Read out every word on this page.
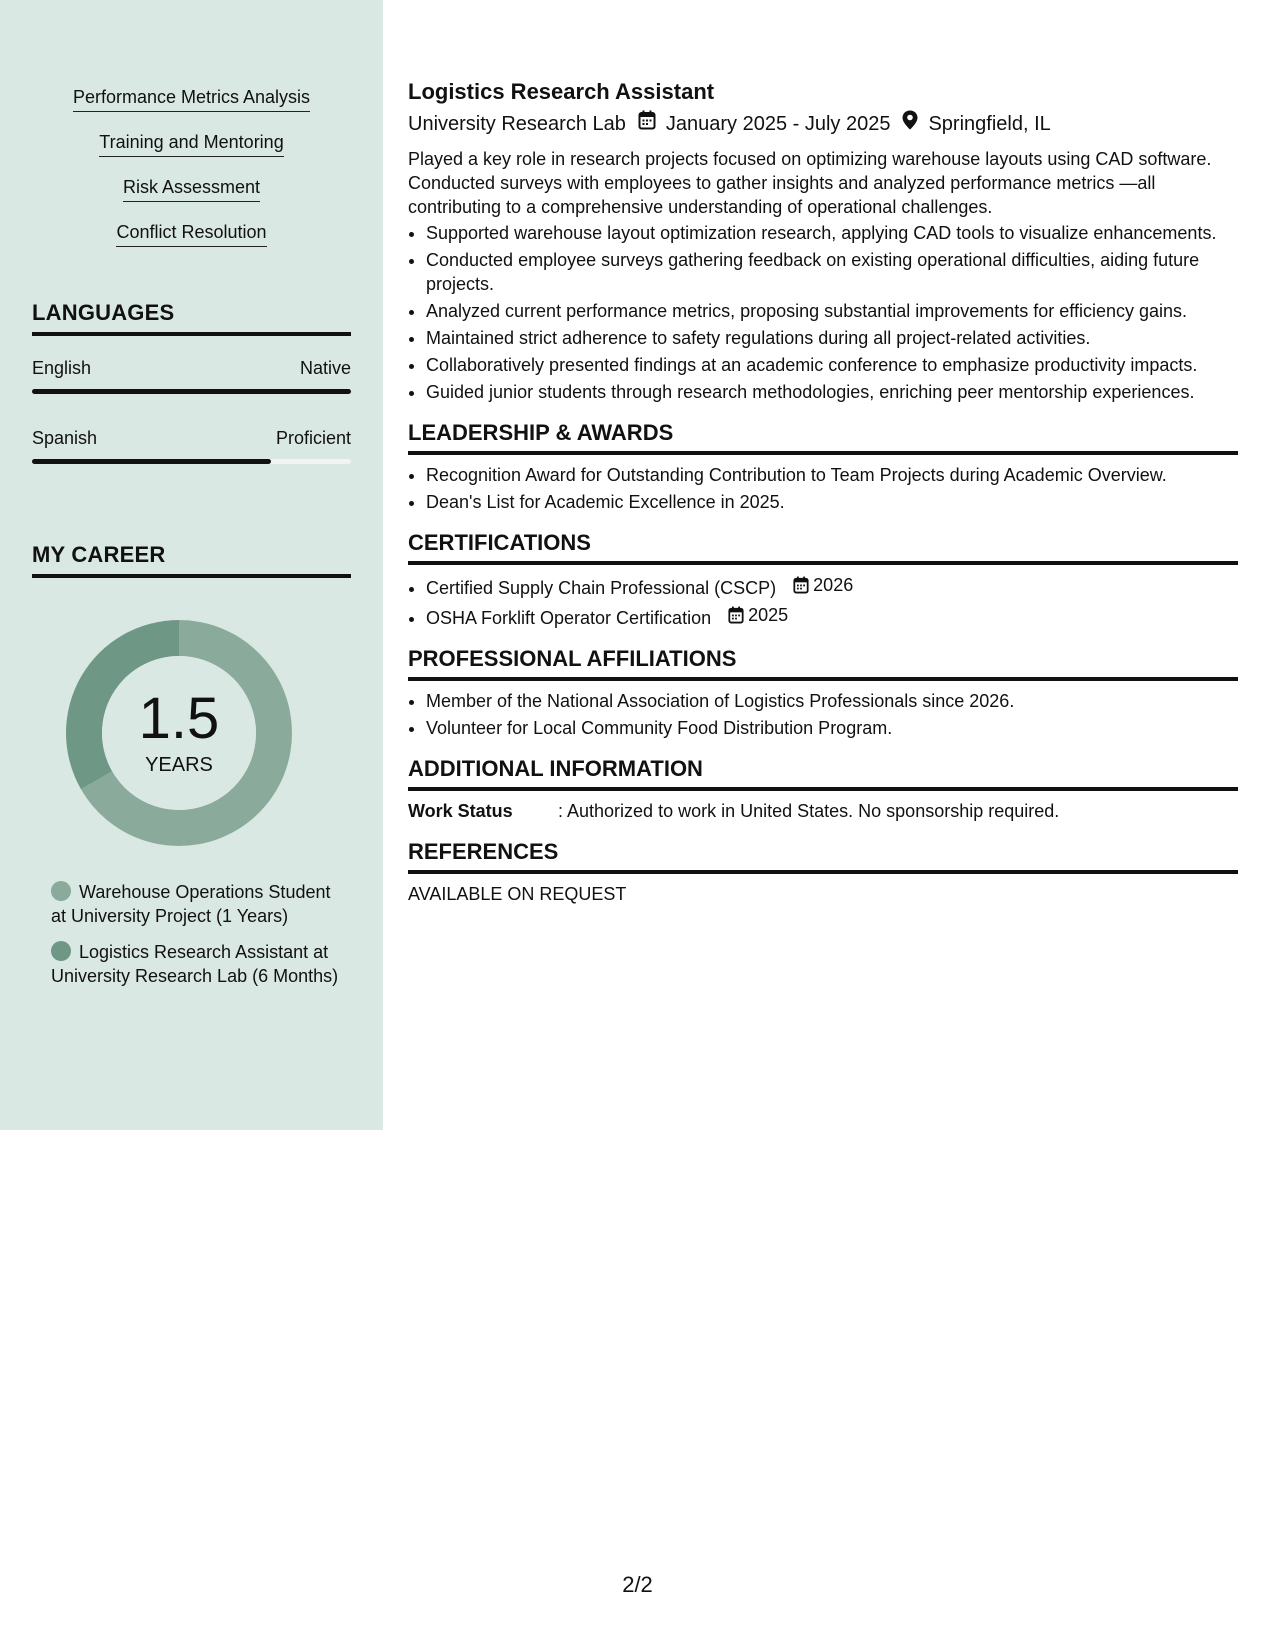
Performance Metrics Analysis
Training and Mentoring
Risk Assessment
Conflict Resolution
LANGUAGES
English	Native
Spanish	Proficient
MY CAREER
1.5
YEARS
Warehouse Operations Student at University Project (1 Years)
Logistics Research Assistant at University Research Lab (6 Months)
Logistics Research Assistant
University Research Lab January 2025 - July 2025 Springfield, IL
Played a key role in research projects focused on optimizing warehouse layouts using CAD software. Conducted surveys with employees to gather insights and analyzed performance metrics —all contributing to a comprehensive understanding of operational challenges.
• Supported warehouse layout optimization research, applying CAD tools to visualize enhancements.
• Conducted employee surveys gathering feedback on existing operational difficulties, aiding future projects.
• Analyzed current performance metrics, proposing substantial improvements for efficiency gains.
• Maintained strict adherence to safety regulations during all project-related activities.
• Collaboratively presented findings at an academic conference to emphasize productivity impacts.
• Guided junior students through research methodologies, enriching peer mentorship experiences.
LEADERSHIP & AWARDS
• Recognition Award for Outstanding Contribution to Team Projects during Academic Overview.
• Dean's List for Academic Excellence in 2025.
CERTIFICATIONS
• Certified Supply Chain Professional (CSCP) 2026
• OSHA Forklift Operator Certification 2025
PROFESSIONAL AFFILIATIONS
• Member of the National Association of Logistics Professionals since 2026.
• Volunteer for Local Community Food Distribution Program.
ADDITIONAL INFORMATION
Work Status	: Authorized to work in United States. No sponsorship required.
REFERENCES
AVAILABLE ON REQUEST
2/2
